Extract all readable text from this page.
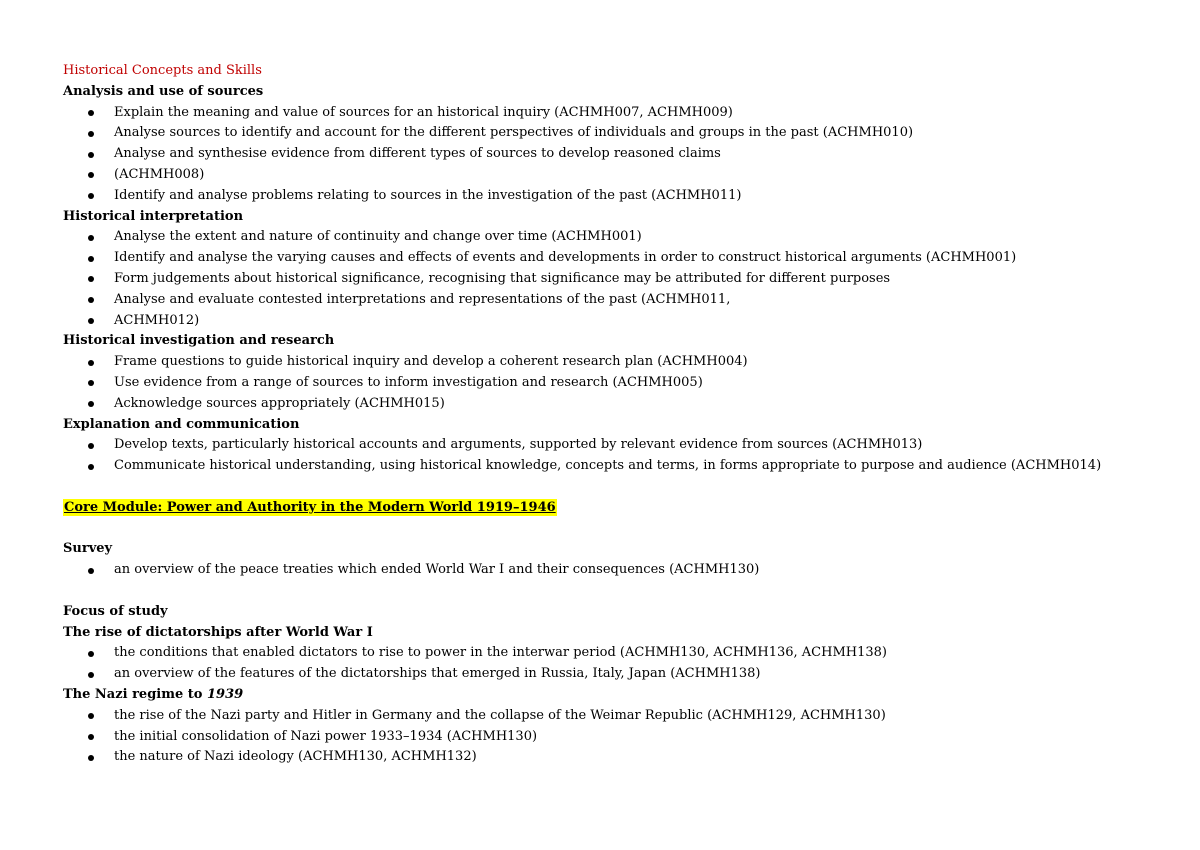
Historical Concepts and Skills
Analysis and use of sources
Explain the meaning and value of sources for an historical inquiry (ACHMH007, ACHMH009)
Analyse sources to identify and account for the different perspectives of individuals and groups in the past (ACHMH010)
Analyse and synthesise evidence from different types of sources to develop reasoned claims
(ACHMH008)
Identify and analyse problems relating to sources in the investigation of the past (ACHMH011)
Historical interpretation
Analyse the extent and nature of continuity and change over time (ACHMH001)
Identify and analyse the varying causes and effects of events and developments in order to construct historical arguments (ACHMH001)
Form judgements about historical significance, recognising that significance may be attributed for different purposes
Analyse and evaluate contested interpretations and representations of the past (ACHMH011,
ACHMH012)
Historical investigation and research
Frame questions to guide historical inquiry and develop a coherent research plan (ACHMH004)
Use evidence from a range of sources to inform investigation and research (ACHMH005)
Acknowledge sources appropriately (ACHMH015)
Explanation and communication
Develop texts, particularly historical accounts and arguments, supported by relevant evidence from sources (ACHMH013)
Communicate historical understanding, using historical knowledge, concepts and terms, in forms appropriate to purpose and audience (ACHMH014)
Core Module: Power and Authority in the Modern World 1919–1946
Survey
an overview of the peace treaties which ended World War I and their consequences (ACHMH130)
Focus of study
The rise of dictatorships after World War I
the conditions that enabled dictators to rise to power in the interwar period (ACHMH130, ACHMH136, ACHMH138)
an overview of the features of the dictatorships that emerged in Russia, Italy, Japan (ACHMH138)
The Nazi regime to 1939
the rise of the Nazi party and Hitler in Germany and the collapse of the Weimar Republic (ACHMH129, ACHMH130)
the initial consolidation of Nazi power 1933–1934 (ACHMH130)
the nature of Nazi ideology (ACHMH130, ACHMH132)
